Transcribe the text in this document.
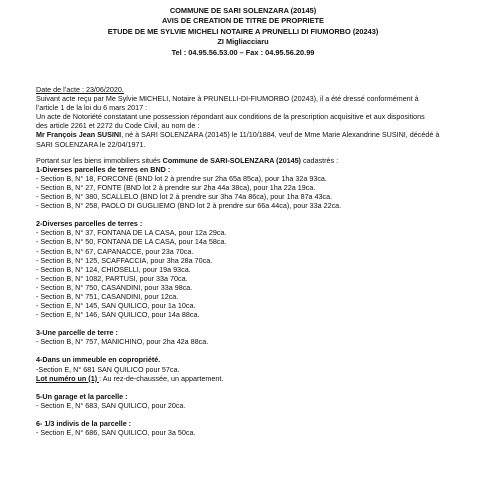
COMMUNE DE SARI SOLENZARA (20145)
AVIS DE CREATION DE TITRE DE PROPRIETE
ETUDE DE ME SYLVIE MICHELI NOTAIRE A PRUNELLI DI FIUMORBO (20243)
ZI Migliacciaru
Tel : 04.95.56.53.00 – Fax : 04.95.56.20.99

Date de l’acte : 23/06/2020.

Suivant acte reçu par Me Sylvie MICHELI, Notaire à PRUNELLI-DI-FIUMORBO (20243), il a été dressé conformément à

l’article 1 de la loi du 6 mars 2017 :

Un acte de Notoriété constatant une possession répondant aux conditions de la prescription acquisitive et aux dispositions

des article 2261 et 2272 du Code Civil, au nom de :

Mr François Jean SUSINI, né à SARI SOLENZARA (20145) le 11/10/1884, veuf de Mme Marie Alexandrine SUSINI, décédé à

SARI SOLENZARA le 22/04/1971.

Portant sur les biens immobiliers situés Commune de SARI-SOLENZARA (20145) cadastrés :

1-Diverses parcelles de terres en BND :

- Section B, N° 18, FORCONE (BND lot 2 à prendre sur 2ha 65a 85ca), pour 1ha 32a 93ca.

- Section B, N° 27, FONTE (BND lot 2 à prendre sur 2ha 44a 38ca), pour 1ha 22a 19ca.

- Section B, N° 380, SCALLELO (BND lot 2 à prendre sur 3ha 74a 86ca), pour 1ha 87a 43ca.

- Section B, N° 258, PAOLO DI GUGLIEMO (BND lot 2 à prendre sur 66a 44ca), pour 33a 22ca.

2-Diverses parcelles de terres :

- Section B, N° 37, FONTANA DE LA CASA, pour 12a 29ca.

- Section B, N° 50, FONTANA DE LA CASA, pour 14a 58ca.

- Section B, N° 67, CAPANACCE, pour 23a 70ca.

- Section B, N° 125, SCAFFACCIA, pour 3ha 28a 70ca.

- Section B, N° 124, CHIOSELLI, pour 19a 93ca.

- Section B, N° 1082, PARTUSI, pour 33a 70ca.

- Section B, N° 750, CASANDINI, pour 33a 98ca.

- Section B, N° 751, CASANDINI, pour 12ca.

- Section E, N° 145, SAN QUILICO, pour 1a 10ca.

- Section E, N° 146, SAN QUILICO, pour 14a 88ca.

3-Une parcelle de terre :

- Section B, N° 757, MANICHINO, pour 2ha 42a 88ca.

4-Dans un immeuble en copropriété.

-Section E, N° 681 SAN QUILICO pour 57ca.

Lot numéro un (1) : Au rez-de-chaussée, un appartement.

5-Un garage et la parcelle :

- Section E, N° 683, SAN QUILICO, pour 20ca.

6- 1/3 indivis de la parcelle :

- Section E, N° 686, SAN QUILICO, pour 3a 50ca.
